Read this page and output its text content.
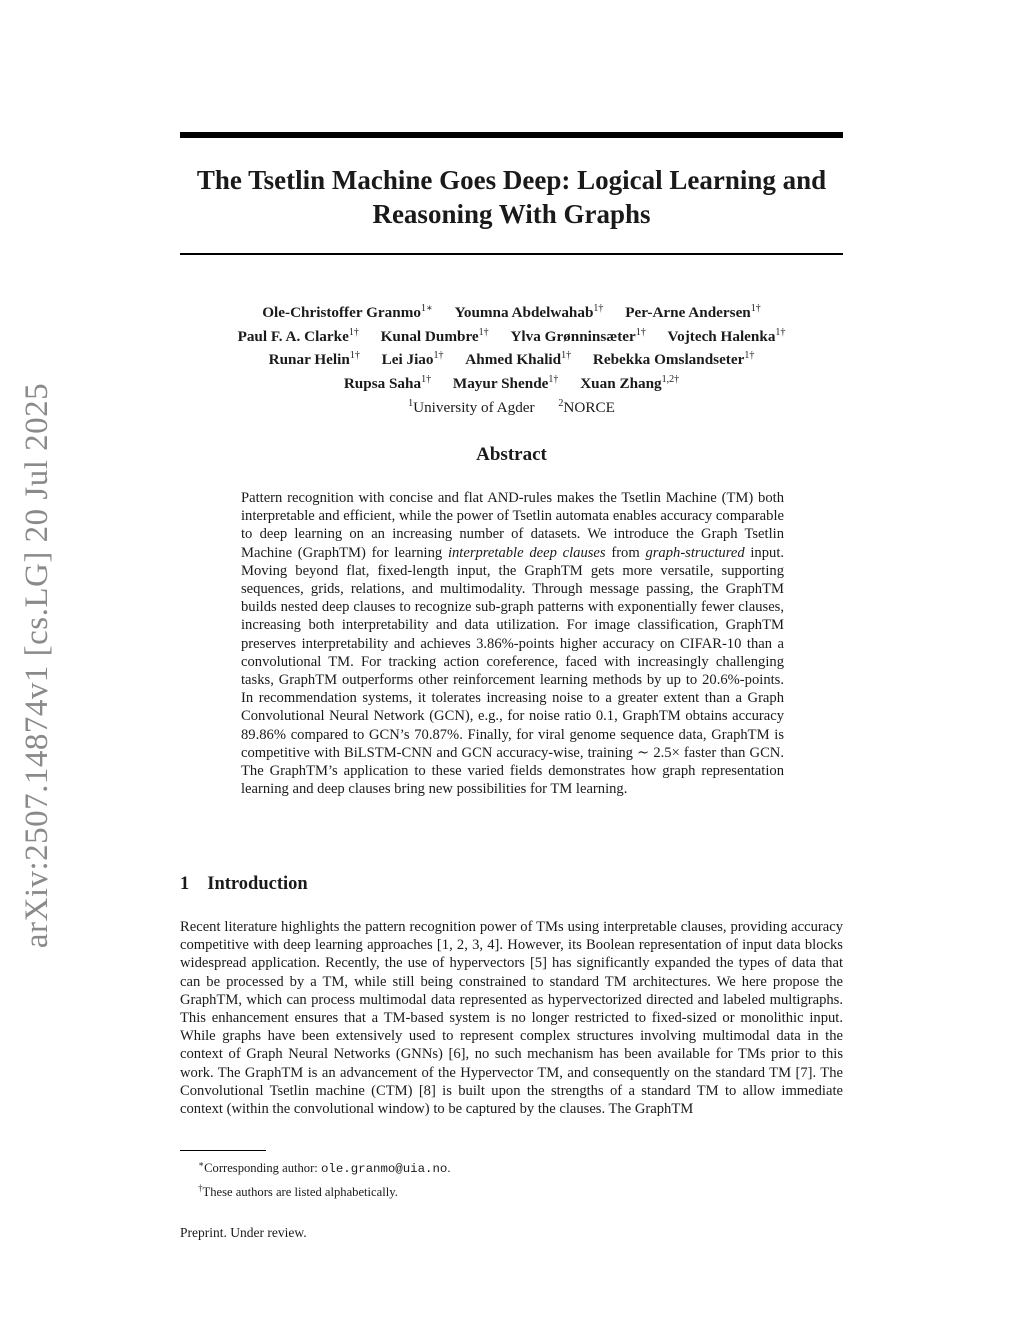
arXiv:2507.14874v1 [cs.LG] 20 Jul 2025
The Tsetlin Machine Goes Deep: Logical Learning and Reasoning With Graphs
Ole-Christoffer Granmo$^{1∗}$ Youmna Abdelwahab$^{1\dagger}$ Per-Arne Andersen$^{1\dagger}$
Paul F. A. Clarke$^{1\dagger}$ Kunal Dumbre$^{1\dagger}$ Ylva Grønninsæter$^{1\dagger}$ Vojtech Halenka$^{1\dagger}$
Runar Helin$^{1\dagger}$ Lei Jiao$^{1\dagger}$ Ahmed Khalid$^{1\dagger}$ Rebekka Omslandseter$^{1\dagger}$
Rupsa Saha$^{1\dagger}$ Mayur Shende$^{1\dagger}$ Xuan Zhang$^{1,2\dagger}$
$^1$University of Agder $^2$NORCE
Abstract

Pattern recognition with concise and flat AND-rules makes the Tsetlin Machine (TM) both interpretable and efficient, while the power of Tsetlin automata enables accuracy comparable to deep learning on an increasing number of datasets. We introduce the Graph Tsetlin Machine (GraphTM) for learning interpretable deep clauses from graph-structured input. Moving beyond flat, fixed-length input, the GraphTM gets more versatile, supporting sequences, grids, relations, and multimodality. Through message passing, the GraphTM builds nested deep clauses to recognize sub-graph patterns with exponentially fewer clauses, increasing both interpretability and data utilization. For image classification, GraphTM preserves interpretability and achieves 3.86%-points higher accuracy on CIFAR-10 than a convolutional TM. For tracking action coreference, faced with increasingly challenging tasks, GraphTM outperforms other reinforcement learning methods by up to 20.6%-points. In recommendation systems, it tolerates increasing noise to a greater extent than a Graph Convolutional Neural Network (GCN), e.g., for noise ratio 0.1, GraphTM obtains accuracy 89.86% compared to GCN’s 70.87%. Finally, for viral genome sequence data, GraphTM is competitive with BiLSTM-CNN and GCN accuracy-wise, training ∼ 2.5× faster than GCN. The GraphTM’s application to these varied fields demonstrates how graph representation learning and deep clauses bring new possibilities for TM learning.

1 Introduction

Recent literature highlights the pattern recognition power of TMs using interpretable clauses, providing accuracy competitive with deep learning approaches [1, 2, 3, 4]. However, its Boolean representation of input data blocks widespread application. Recently, the use of hypervectors [5] has significantly expanded the types of data that can be processed by a TM, while still being constrained to standard TM architectures. We here propose the GraphTM, which can process multimodal data represented as hypervectorized directed and labeled multigraphs. This enhancement ensures that a TM-based system is no longer restricted to fixed-sized or monolithic input. While graphs have been extensively used to represent complex structures involving multimodal data in the context of Graph Neural Networks (GNNs) [6], no such mechanism has been available for TMs prior to this work. The GraphTM is an advancement of the Hypervector TM, and consequently on the standard TM [7]. The Convolutional Tsetlin machine (CTM) [8] is built upon the strengths of a standard TM to allow immediate context (within the convolutional window) to be captured by the clauses. The GraphTM

∗Corresponding author: ole.granmo@uia.no.
†These authors are listed alphabetically.

Preprint. Under review.
